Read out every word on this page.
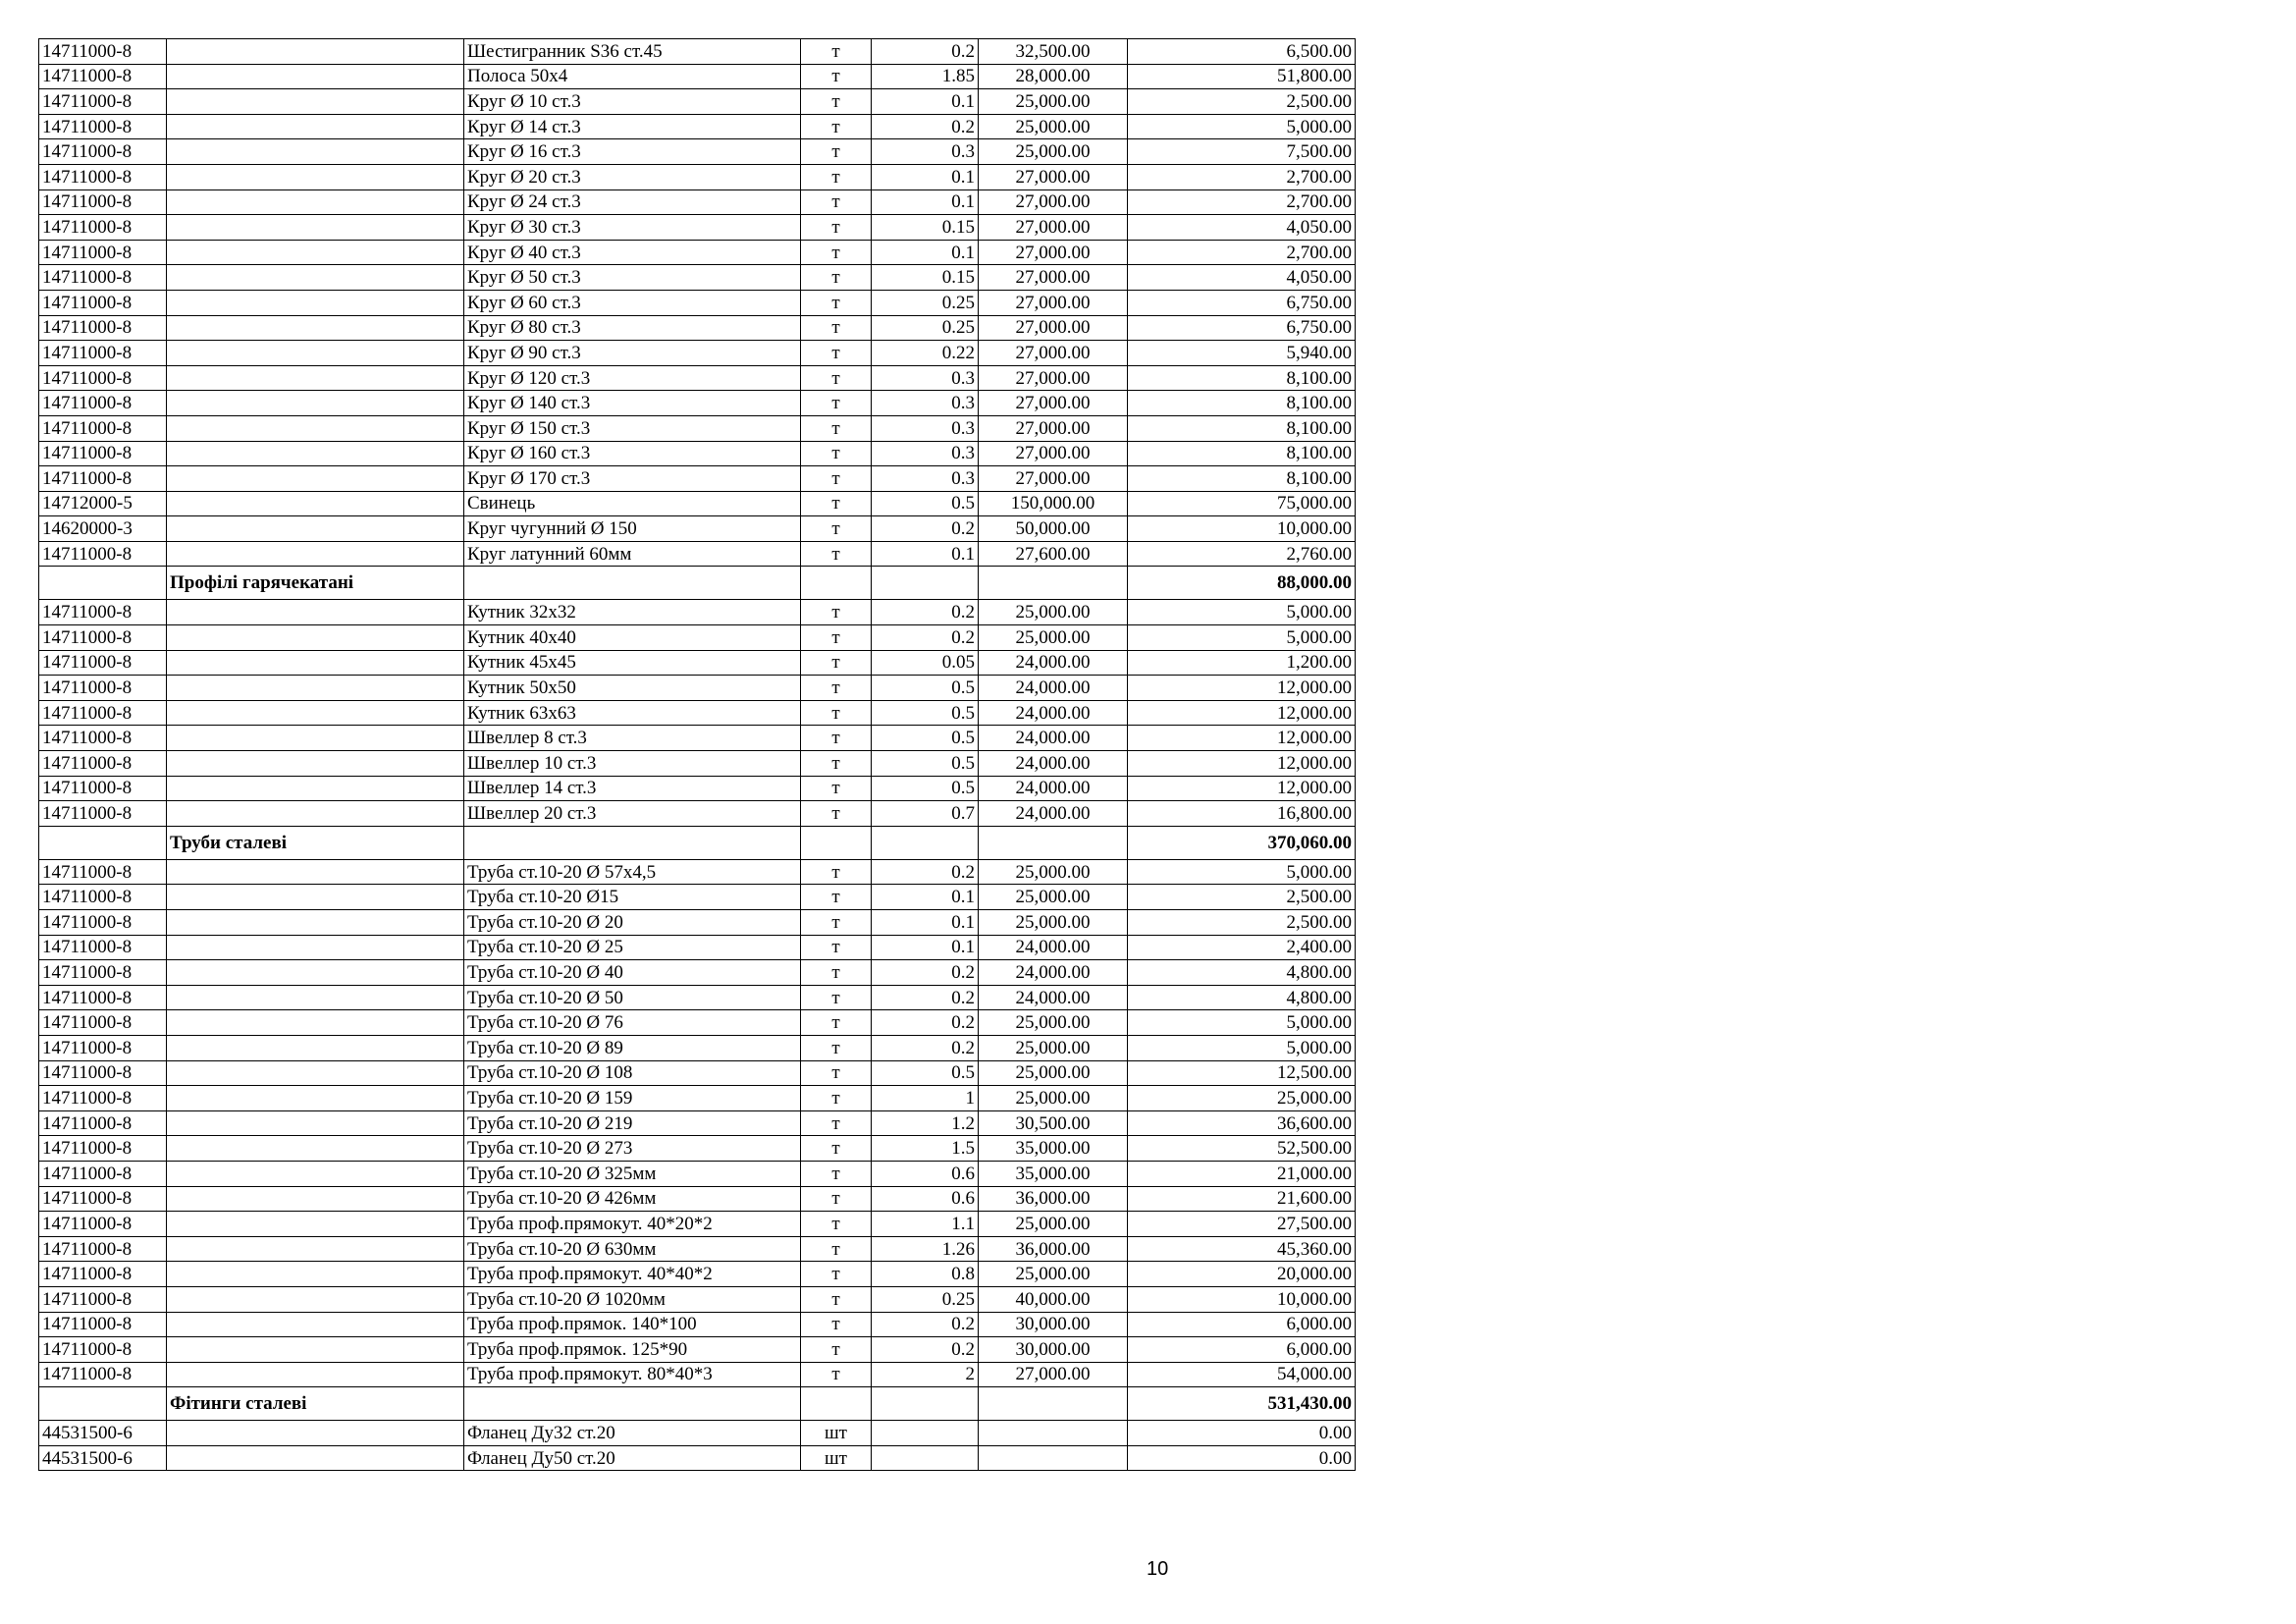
14711000-8		Шестигранник S36 ст.45	т	0.2	32,500.00	6,500.00
14711000-8		Полоса 50х4	т	1.85	28,000.00	51,800.00
14711000-8		Круг Ø 10 ст.3	т	0.1	25,000.00	2,500.00
14711000-8		Круг Ø 14 ст.3	т	0.2	25,000.00	5,000.00
14711000-8		Круг Ø 16 ст.3	т	0.3	25,000.00	7,500.00
14711000-8		Круг Ø 20 ст.3	т	0.1	27,000.00	2,700.00
14711000-8		Круг Ø 24 ст.3	т	0.1	27,000.00	2,700.00
14711000-8		Круг Ø 30 ст.3	т	0.15	27,000.00	4,050.00
14711000-8		Круг Ø 40 ст.3	т	0.1	27,000.00	2,700.00
14711000-8		Круг Ø 50 ст.3	т	0.15	27,000.00	4,050.00
14711000-8		Круг Ø 60 ст.3	т	0.25	27,000.00	6,750.00
14711000-8		Круг Ø 80 ст.3	т	0.25	27,000.00	6,750.00
14711000-8		Круг Ø 90 ст.3	т	0.22	27,000.00	5,940.00
14711000-8		Круг Ø 120 ст.3	т	0.3	27,000.00	8,100.00
14711000-8		Круг Ø 140 ст.3	т	0.3	27,000.00	8,100.00
14711000-8		Круг Ø 150 ст.3	т	0.3	27,000.00	8,100.00
14711000-8		Круг Ø 160 ст.3	т	0.3	27,000.00	8,100.00
14711000-8		Круг Ø 170 ст.3	т	0.3	27,000.00	8,100.00
14712000-5		Свинець	т	0.5	150,000.00	75,000.00
14620000-3		Круг чугунний Ø 150	т	0.2	50,000.00	10,000.00
14711000-8		Круг латунний 60мм	т	0.1	27,600.00	2,760.00
	Профілі гарячекатані					88,000.00
14711000-8		Кутник 32х32	т	0.2	25,000.00	5,000.00
14711000-8		Кутник 40х40	т	0.2	25,000.00	5,000.00
14711000-8		Кутник 45х45	т	0.05	24,000.00	1,200.00
14711000-8		Кутник 50х50	т	0.5	24,000.00	12,000.00
14711000-8		Кутник 63х63	т	0.5	24,000.00	12,000.00
14711000-8		Швеллер 8 ст.3	т	0.5	24,000.00	12,000.00
14711000-8		Швеллер 10 ст.3	т	0.5	24,000.00	12,000.00
14711000-8		Швеллер 14 ст.3	т	0.5	24,000.00	12,000.00
14711000-8		Швеллер 20 ст.3	т	0.7	24,000.00	16,800.00
	Труби сталеві					370,060.00
14711000-8		Труба ст.10-20 Ø 57х4,5	т	0.2	25,000.00	5,000.00
14711000-8		Труба ст.10-20 Ø15	т	0.1	25,000.00	2,500.00
14711000-8		Труба ст.10-20 Ø 20	т	0.1	25,000.00	2,500.00
14711000-8		Труба ст.10-20 Ø 25	т	0.1	24,000.00	2,400.00
14711000-8		Труба ст.10-20 Ø 40	т	0.2	24,000.00	4,800.00
14711000-8		Труба ст.10-20 Ø 50	т	0.2	24,000.00	4,800.00
14711000-8		Труба ст.10-20 Ø 76	т	0.2	25,000.00	5,000.00
14711000-8		Труба ст.10-20 Ø 89	т	0.2	25,000.00	5,000.00
14711000-8		Труба ст.10-20 Ø 108	т	0.5	25,000.00	12,500.00
14711000-8		Труба ст.10-20 Ø 159	т	1	25,000.00	25,000.00
14711000-8		Труба ст.10-20 Ø 219	т	1.2	30,500.00	36,600.00
14711000-8		Труба ст.10-20 Ø 273	т	1.5	35,000.00	52,500.00
14711000-8		Труба ст.10-20 Ø 325мм	т	0.6	35,000.00	21,000.00
14711000-8		Труба ст.10-20 Ø 426мм	т	0.6	36,000.00	21,600.00
14711000-8		Труба проф.прямокут. 40*20*2	т	1.1	25,000.00	27,500.00
14711000-8		Труба ст.10-20 Ø 630мм	т	1.26	36,000.00	45,360.00
14711000-8		Труба проф.прямокут. 40*40*2	т	0.8	25,000.00	20,000.00
14711000-8		Труба ст.10-20 Ø 1020мм	т	0.25	40,000.00	10,000.00
14711000-8		Труба проф.прямок. 140*100	т	0.2	30,000.00	6,000.00
14711000-8		Труба проф.прямок. 125*90	т	0.2	30,000.00	6,000.00
14711000-8		Труба проф.прямокут. 80*40*3	т	2	27,000.00	54,000.00
	Фітинги сталеві					531,430.00
44531500-6		Фланец Ду32 ст.20	шт			0.00
44531500-6		Фланец Ду50 ст.20	шт			0.00
10
